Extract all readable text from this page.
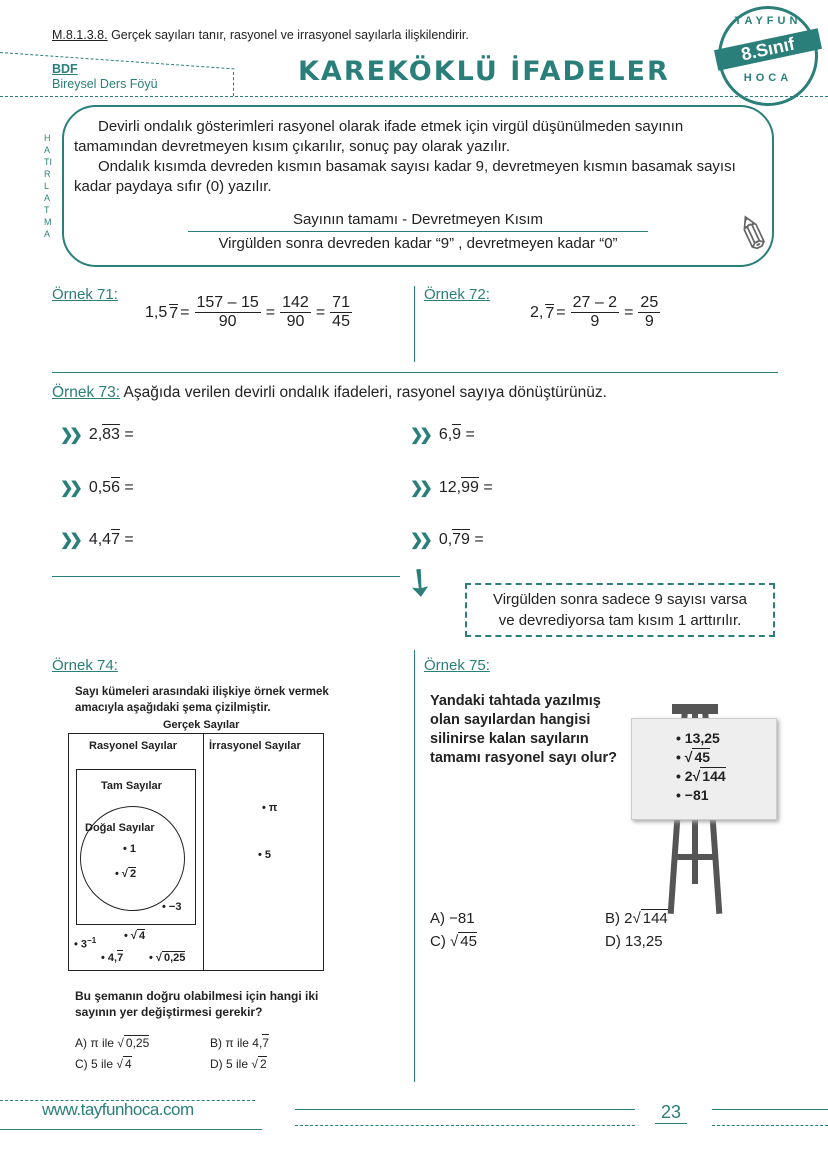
M.8.1.3.8. Gerçek sayıları tanır, rasyonel ve irrasyonel sayılarla ilişkilendirir.
BDF
Bireysel Ders Föyü	KAREKÖKLÜ İFADELER
TAYFUN
8.Sınıf
HOCA
HATIRLATMA
Devirli ondalık gösterimleri rasyonel olarak ifade etmek için virgül düşünülmeden sayının tamamından devretmeyen kısım çıkarılır, sonuç pay olarak yazılır.
Ondalık kısımda devreden kısmın basamak sayısı kadar 9, devretmeyen kısmın basamak sayısı kadar paydaya sıfır (0) yazılır.
Sayının tamamı - Devretmeyen Kısım
Virgülden sonra devreden kadar “9” , devretmeyen kadar “0”	✎
Örnek 71:
1,5 $7 = \frac{157 - 15}{90} = \frac{142}{90} = \frac{71}{45}$	Örnek 72:
2, $7 = \frac{27 - 2}{9} = \frac{25}{9}$
Örnek 73: Aşağıda verilen devirli ondalık ifadeleri, rasyonel sayıya dönüştürünüz.
❯❯ 2,83 =	❯❯ 6,9 =
❯❯ 0,56 =	❯❯ 12,99 =
❯❯ 4,47 =	❯❯ 0,79 =
➘	Virgülden sonra sadece 9 sayısı varsa
ve devrediyorsa tam kısım 1 arttırılır.
Örnek 74:
Sayı kümeleri arasındaki ilişkiye örnek vermek amacıyla aşağıdaki şema çizilmiştir.
Gerçek Sayılar
Rasyonel Sayılar	İrrasyonel Sayılar
Tam Sayılar
Doğal Sayılar
• 1
• √ 2
• −3
• $3^{-1}$	• √ 4
• 4,7 • √ 0,25
• π
• 5
Bu şemanın doğru olabilmesi için hangi iki sayının yer değiştirmesi gerekir?
A) π ile √ 0,25	B) π ile 4,7
C) 5 ile √ 4	D) 5 ile √ 2
Örnek 75:
Yandaki tahtada yazılmış olan sayılardan hangisi silinirse kalan sayıların tamamı rasyonel sayı olur?
• 13,25
• √ 45
• 2 √ 144
• −81
A) −81	B) 2 √ 144
C) √ 45	D) 13,25
www.tayfunhoca.com	23
